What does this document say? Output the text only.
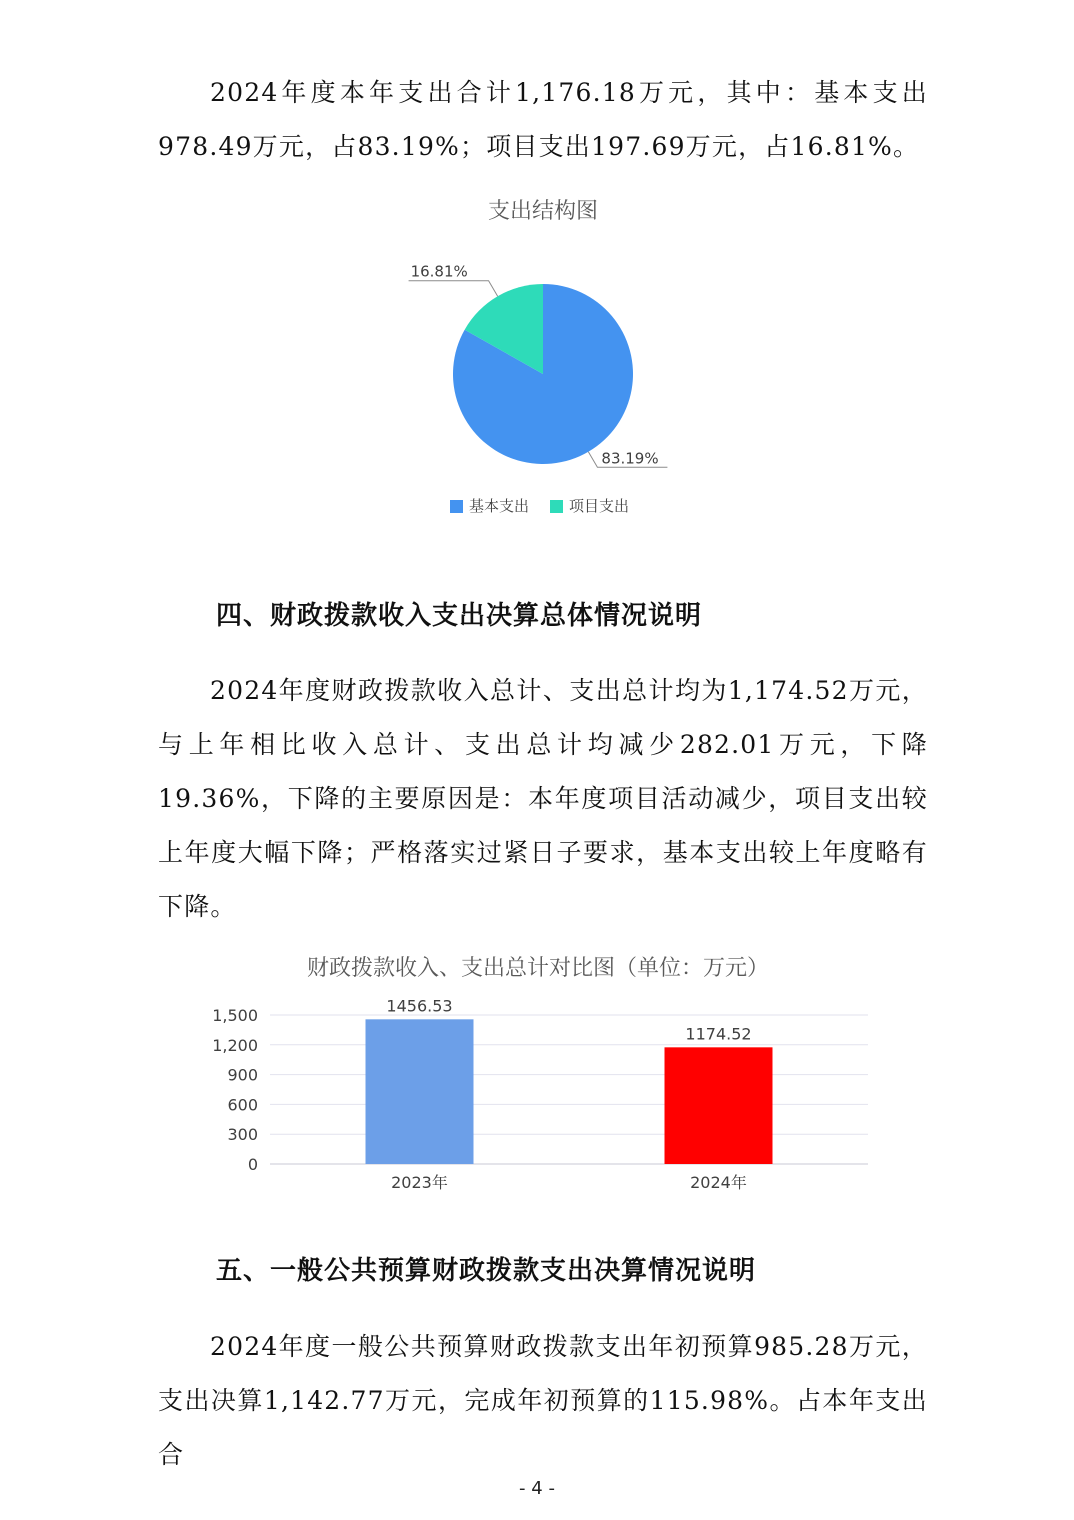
2024年度本年支出合计1,176.18万元，其中：基本支出978.49万元，占83.19%；项目支出197.69万元，占16.81%。

支出结构图
83.19%
16.81%
基本支出	项目支出
四、财政拨款收入支出决算总体情况说明

2024年度财政拨款收入总计、支出总计均为1,174.52万元，与上年相比收入总计、支出总计均减少282.01万元，下降19.36%，下降的主要原因是：本年度项目活动减少，项目支出较上年度大幅下降；严格落实过紧日子要求，基本支出较上年度略有下降。

财政拨款收入、支出总计对比图（单位：万元）
0
300
600
900
1,200
1,500
1456.53
2023年
1174.52
2024年
五、一般公共预算财政拨款支出决算情况说明

2024年度一般公共预算财政拨款支出年初预算985.28万元，支出决算1,142.77万元，完成年初预算的115.98%。占本年支出合

- 4 -
